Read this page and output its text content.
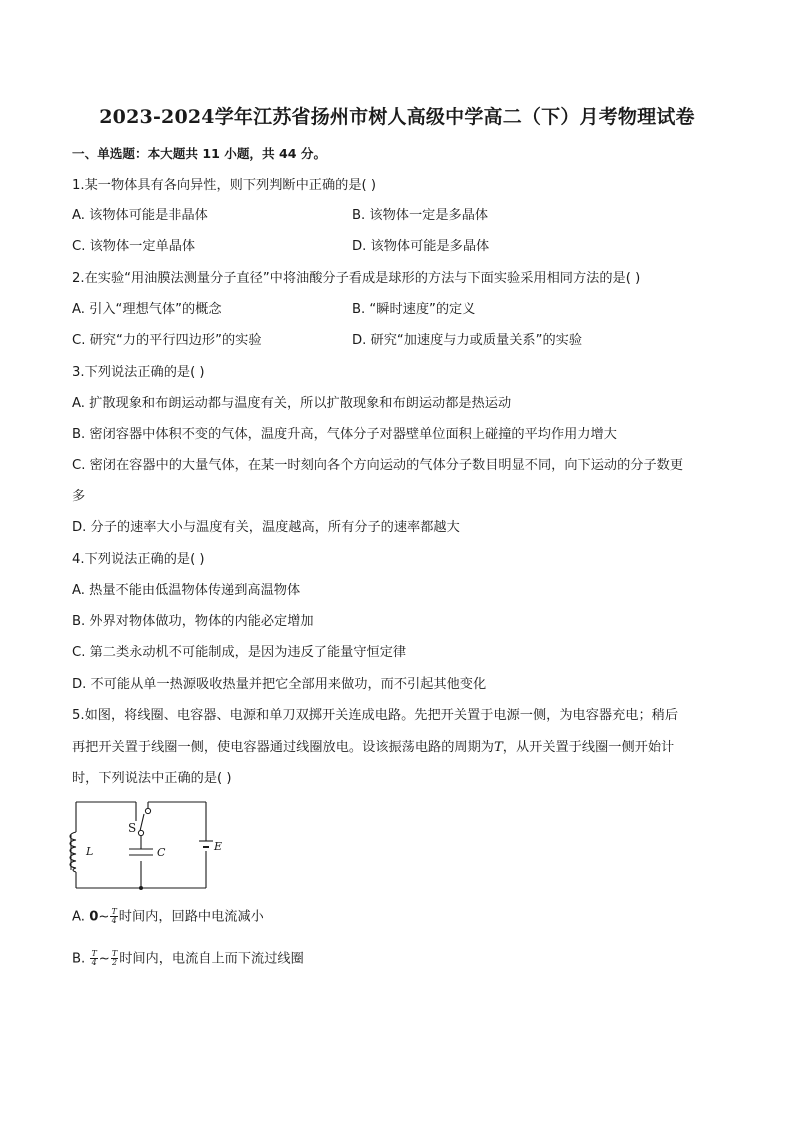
2023-2024学年江苏省扬州市树人高级中学高二（下）月考物理试卷
一、单选题：本大题共 11 小题，共 44 分。
1.某一物体具有各向异性，则下列判断中正确的是( )
A. 该物体可能是非晶体	B. 该物体一定是多晶体
C. 该物体一定单晶体	D. 该物体可能是多晶体
2.在实验“用油膜法测量分子直径”中将油酸分子看成是球形的方法与下面实验采用相同方法的是( )
A. 引入“理想气体”的概念	B. “瞬时速度”的定义
C. 研究“力的平行四边形”的实验	D. 研究“加速度与力或质量关系”的实验
3.下列说法正确的是( )
A. 扩散现象和布朗运动都与温度有关，所以扩散现象和布朗运动都是热运动
B. 密闭容器中体积不变的气体，温度升高，气体分子对器壁单位面积上碰撞的平均作用力增大
C. 密闭在容器中的大量气体，在某一时刻向各个方向运动的气体分子数目明显不同，向下运动的分子数更
多
D. 分子的速率大小与温度有关，温度越高，所有分子的速率都越大
4.下列说法正确的是( )
A. 热量不能由低温物体传递到高温物体
B. 外界对物体做功，物体的内能必定增加
C. 第二类永动机不可能制成，是因为违反了能量守恒定律
D. 不可能从单一热源吸收热量并把它全部用来做功，而不引起其他变化
5.如图，将线圈、电容器、电源和单刀双掷开关连成电路。先把开关置于电源一侧，为电容器充电；稍后
再把开关置于线圈一侧，使电容器通过线圈放电。设该振荡电路的周期为T，从开关置于线圈一侧开始计
时，下列说法中正确的是( )
S
L	C	E
A. 0~ $\frac{T}{4}$ 时间内，回路中电流减小
B. $\frac{T}{4}$ ~ $\frac{T}{2}$ 时间内，电流自上而下流过线圈
